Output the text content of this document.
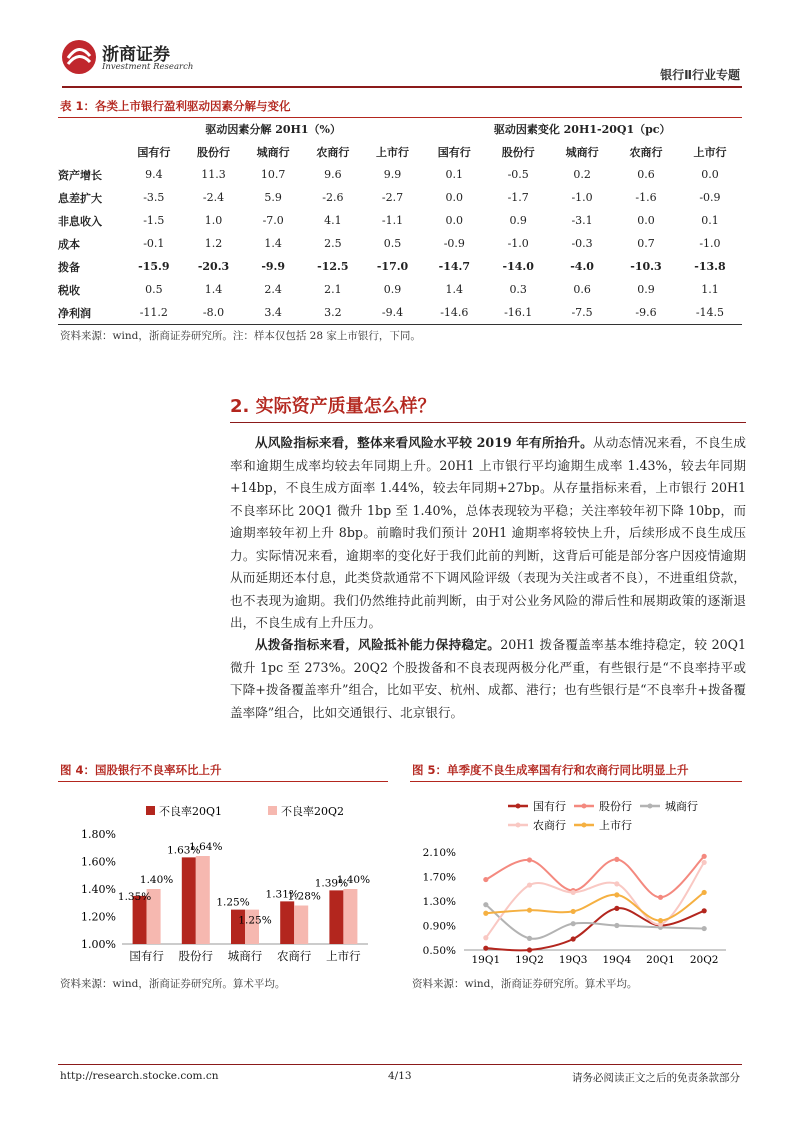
浙商证券
Investment Research
银行Ⅱ行业专题
表 1：各类上市银行盈利驱动因素分解与变化
	驱动因素分解 20H1（%）					驱动因素变化 20H1-20Q1（pc）				
	国有行	股份行	城商行	农商行	上市行	国有行	股份行	城商行	农商行	上市行
资产增长	9.4	11.3	10.7	9.6	9.9	0.1	-0.5	0.2	0.6	0.0
息差扩大	-3.5	-2.4	5.9	-2.6	-2.7	0.0	-1.7	-1.0	-1.6	-0.9
非息收入	-1.5	1.0	-7.0	4.1	-1.1	0.0	0.9	-3.1	0.0	0.1
成本	-0.1	1.2	1.4	2.5	0.5	-0.9	-1.0	-0.3	0.7	-1.0
拨备	-15.9	-20.3	-9.9	-12.5	-17.0	-14.7	-14.0	-4.0	-10.3	-13.8
税收	0.5	1.4	2.4	2.1	0.9	1.4	0.3	0.6	0.9	1.1
净利润	-11.2	-8.0	3.4	3.2	-9.4	-14.6	-16.1	-7.5	-9.6	-14.5
资料来源：wind，浙商证券研究所。注：样本仅包括 28 家上市银行，下同。
2. 实际资产质量怎么样？
从风险指标来看，整体来看风险水平较 2019 年有所抬升。从动态情况来看，不良生成率和逾期生成率均较去年同期上升。20H1 上市银行平均逾期生成率 1.43%，较去年同期+14bp，不良生成方面率 1.44%，较去年同期+27bp。从存量指标来看，上市银行 20H1 不良率环比 20Q1 微升 1bp 至 1.40%，总体表现较为平稳；关注率较年初下降 10bp，而逾期率较年初上升 8bp。前瞻时我们预计 20H1 逾期率将较快上升，后续形成不良生成压力。实际情况来看，逾期率的变化好于我们此前的判断，这背后可能是部分客户因疫情逾期从而延期还本付息，此类贷款通常不下调风险评级（表现为关注或者不良），不进重组贷款，也不表现为逾期。我们仍然维持此前判断，由于对公业务风险的滞后性和展期政策的逐渐退出，不良生成有上升压力。
从拨备指标来看，风险抵补能力保持稳定。20H1 拨备覆盖率基本维持稳定，较 20Q1 微升 1pc 至 273%。20Q2 个股拨备和不良表现两极分化严重，有些银行是“不良率持平或下降+拨备覆盖率升”组合，比如平安、杭州、成都、港行；也有些银行是“不良率升+拨备覆盖率降”组合，比如交通银行、北京银行。
图 4：国股银行不良率环比上升
不良率20Q1	不良率20Q2
1.80%
1.60%
1.40%
1.20%
1.00%
国有行
1.35%
1.40%
股份行
1.63%
1.64%
城商行
1.25%
1.25%
农商行
1.31%
1.28%
上市行
1.39%
1.40%
资料来源：wind，浙商证券研究所。算术平均。
图 5：单季度不良生成率国有行和农商行同比明显上升
国有行	股份行	城商行
农商行	上市行
2.10%
1.70%
1.30%
0.90%
0.50%
19Q1 19Q2 19Q3 19Q4 20Q1 20Q2
资料来源：wind，浙商证券研究所。算术平均。
http://research.stocke.com.cn	4/13	请务必阅读正文之后的免责条款部分
